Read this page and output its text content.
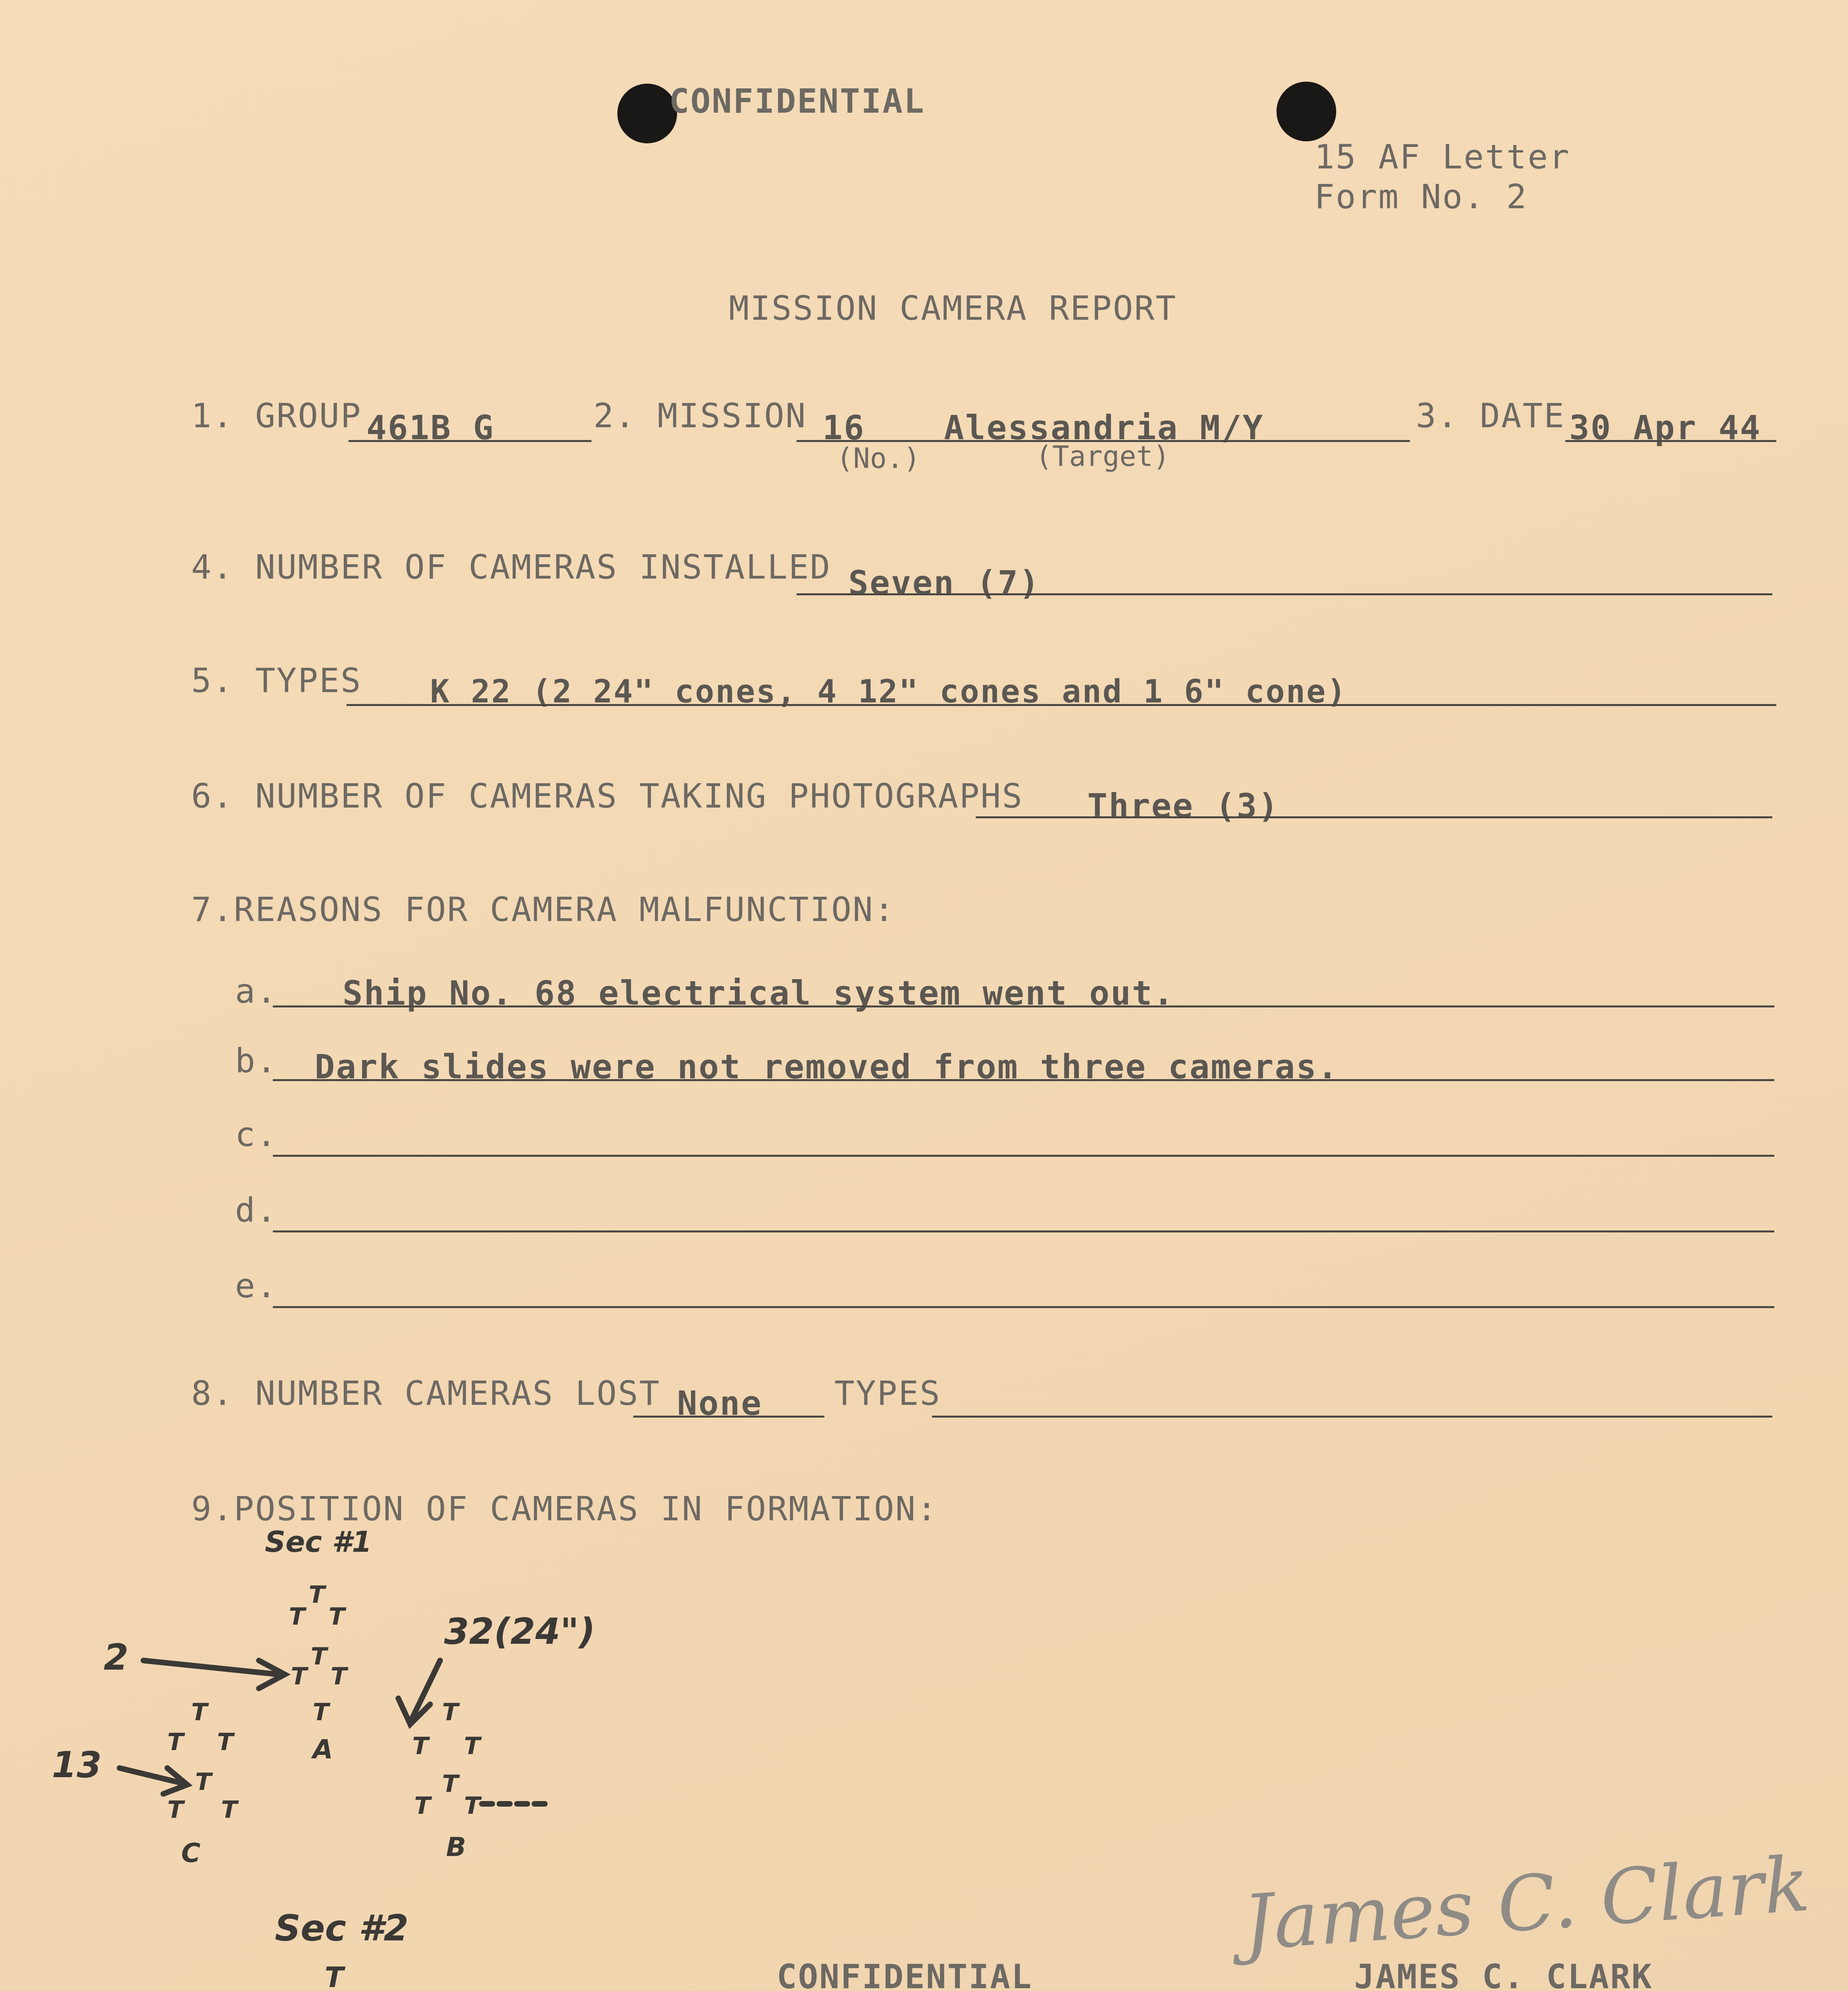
CONFIDENTIAL
15 AF Letter
Form No. 2
MISSION CAMERA REPORT
1. GROUP 461B G	2. MISSION 16 Alessandria M/Y
(No.)	(Target)
3. DATE 30 Apr 44
4. NUMBER OF CAMERAS INSTALLED Seven (7)
5. TYPES K 22 (2 24" cones, 4 12" cones and 1 6" cone)
6. NUMBER OF CAMERAS TAKING PHOTOGRAPHS Three (3)
7.REASONS FOR CAMERA MALFUNCTION:
a. Ship No. 68 electrical system went out.
b. Dark slides were not removed from three cameras.
c.
d.
e.
8. NUMBER CAMERAS LOST None TYPES
9.POSITION OF CAMERAS IN FORMATION:
Sec #1
2
32(24")
13
T
T T
T
T T
T
A
T
T T
T
T T
C
T
T T
T
T T
B
Sec #2
T	CONFIDENTIAL
James C. Clark
JAMES C. CLARK
